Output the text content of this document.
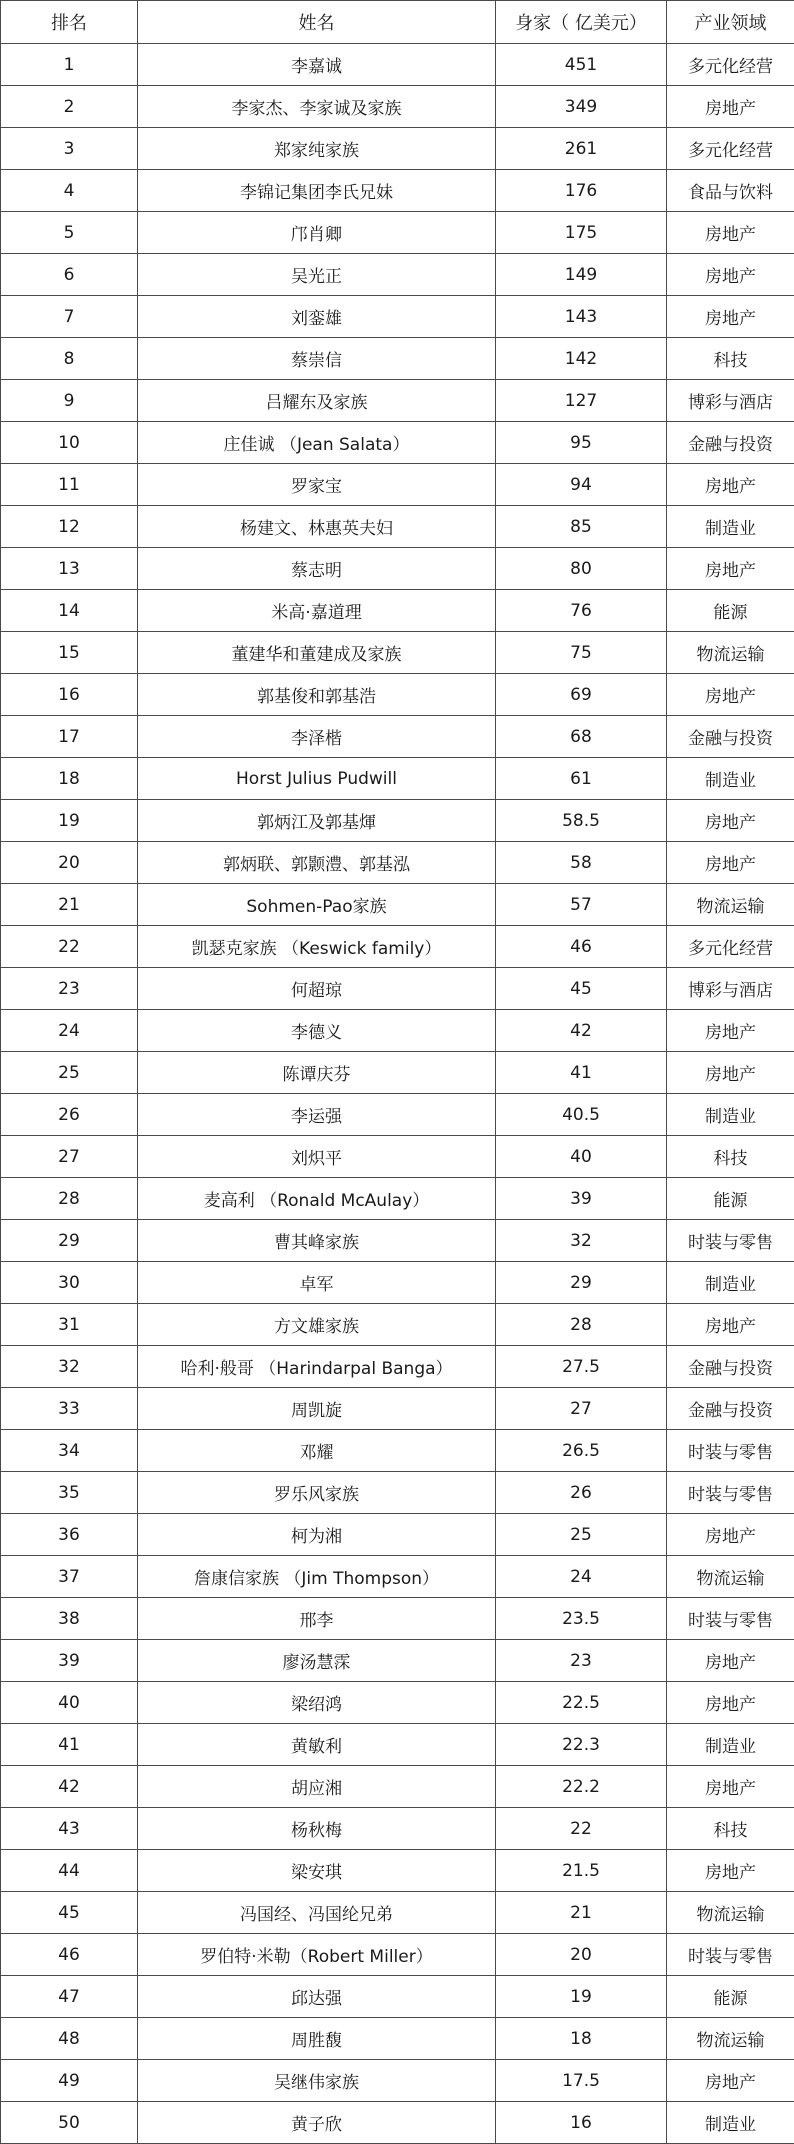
排名	姓名	身家（ 亿美元）	产业领域
1	李嘉诚	451	多元化经营
2	李家杰、李家诚及家族	349	房地产
3	郑家纯家族	261	多元化经营
4	李锦记集团李氏兄妹	176	食品与饮料
5	邝肖卿	175	房地产
6	吴光正	149	房地产
7	刘銮雄	143	房地产
8	蔡崇信	142	科技
9	吕耀东及家族	127	博彩与酒店
10	庄佳诚 （Jean Salata）	95	金融与投资
11	罗家宝	94	房地产
12	杨建文、林惠英夫妇	85	制造业
13	蔡志明	80	房地产
14	米高·嘉道理	76	能源
15	董建华和董建成及家族	75	物流运输
16	郭基俊和郭基浩	69	房地产
17	李泽楷	68	金融与投资
18	Horst Julius Pudwill	61	制造业
19	郭炳江及郭基煇	58.5	房地产
20	郭炳联、郭颢澧、郭基泓	58	房地产
21	Sohmen-Pao家族	57	物流运输
22	凯瑟克家族 （Keswick family）	46	多元化经营
23	何超琼	45	博彩与酒店
24	李德义	42	房地产
25	陈谭庆芬	41	房地产
26	李运强	40.5	制造业
27	刘炽平	40	科技
28	麦高利 （Ronald McAulay）	39	能源
29	曹其峰家族	32	时装与零售
30	卓军	29	制造业
31	方文雄家族	28	房地产
32	哈利·般哥 （Harindarpal Banga）	27.5	金融与投资
33	周凯旋	27	金融与投资
34	邓耀	26.5	时装与零售
35	罗乐风家族	26	时装与零售
36	柯为湘	25	房地产
37	詹康信家族 （Jim Thompson）	24	物流运输
38	邢李	23.5	时装与零售
39	廖汤慧霂	23	房地产
40	梁绍鸿	22.5	房地产
41	黄敏利	22.3	制造业
42	胡应湘	22.2	房地产
43	杨秋梅	22	科技
44	梁安琪	21.5	房地产
45	冯国经、冯国纶兄弟	21	物流运输
46	罗伯特·米勒（Robert Miller）	20	时装与零售
47	邱达强	19	能源
48	周胜馥	18	物流运输
49	吴继伟家族	17.5	房地产
50	黄子欣	16	制造业
